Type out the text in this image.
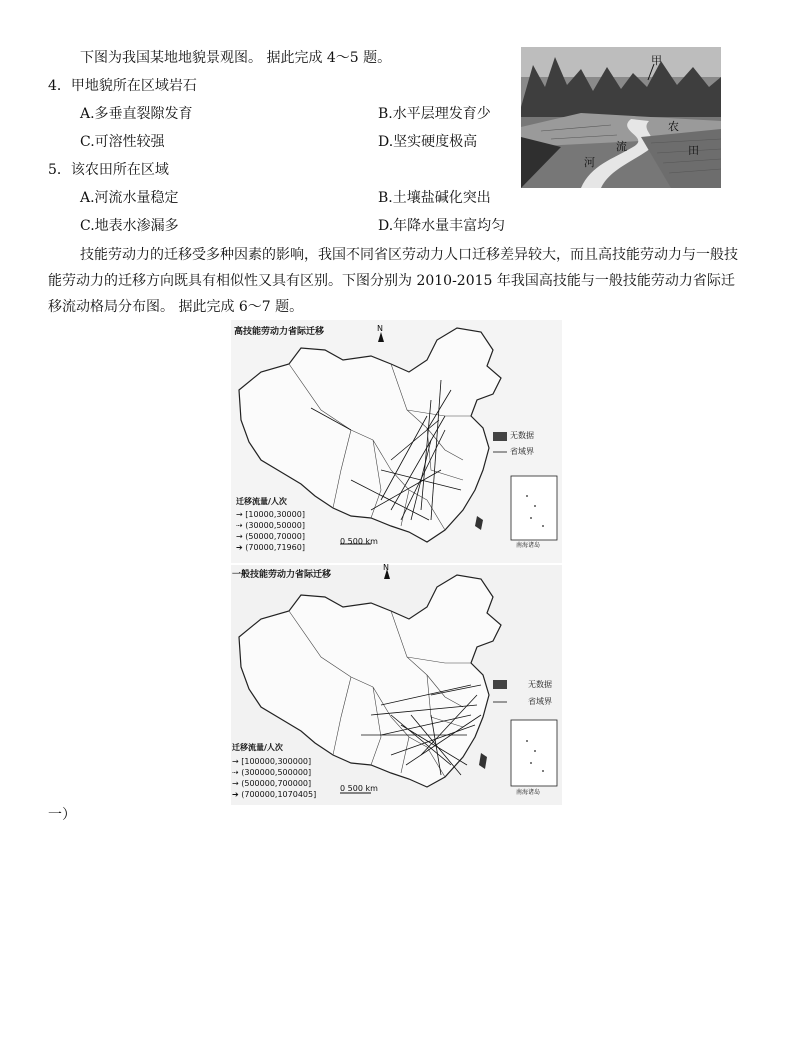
下图为我国某地地貌景观图。 据此完成 4～5 题。
4．甲地貌所在区域岩石
A.多垂直裂隙发育	B.水平层理发育少
C.可溶性较强	D.坚实硬度极高
5．该农田所在区域
A.河流水量稳定	B.土壤盐碱化突出
C.地表水渗漏多	D.年降水量丰富均匀
甲
农
田
河
流
技能劳动力的迁移受多种因素的影响，我国不同省区劳动力人口迁移差异较大，而且高技能劳动力与一般技能劳动力的迁移方向既具有相似性又具有区别。下图分别为 2010-2015 年我国高技能与一般技能劳动力省际迁移流动格局分布图。 据此完成 6～7 题。
高技能劳动力省际迁移	N
无数据
省域界
迁移流量/人次
→ [10000,30000]
⇢ (30000,50000]
→ (50000,70000]
➔ (70000,71960]
0 500 km	南海诸岛
一般技能劳动力省际迁移
N
无数据
省域界
迁移流量/人次
→ [100000,300000]
⇢ (300000,500000]
→ (500000,700000]
➔ (700000,1070405]
0 500 km	南海诸岛
一）
